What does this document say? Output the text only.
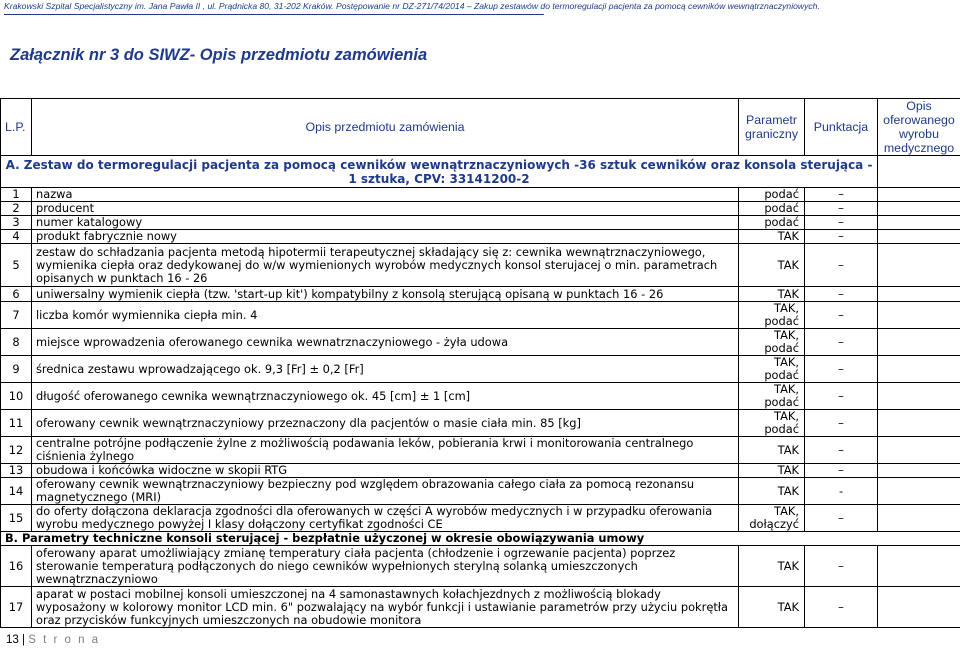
Krakowski Szpital Specjalistyczny im. Jana Pawła II , ul. Prądnicka 80, 31-202 Kraków. Postępowanie nr DZ-271/74/2014 – Zakup zestawów do termoregulacji pacjenta za pomocą cewników wewnątrznaczyniowych.
Załącznik nr 3 do SIWZ- Opis przedmiotu zamówienia
L.P.	Opis przedmiotu zamówienia	Parametr graniczny	Punktacja	Opis oferowanego wyrobu medycznego
A. Zestaw do termoregulacji pacjenta za pomocą cewników wewnątrznaczyniowych -36 sztuk cewników oraz konsola sterująca - 1 sztuka, CPV: 33141200-2				
1	nazwa	podać	–	
2	producent	podać	–	
3	numer katalogowy	podać	–	
4	produkt fabrycznie nowy	TAK	–	
5	zestaw do schładzania pacjenta metodą hipotermii terapeutycznej składający się z: cewnika wewnątrznaczyniowego, wymienika ciepła oraz dedykowanej do w/w wymienionych wyrobów medycznych konsol sterujacej o min. parametrach opisanych w punktach 16 - 26	TAK	–	
6	uniwersalny wymienik ciepła (tzw. 'start-up kit') kompatybilny z konsolą sterującą opisaną w punktach 16 - 26	TAK	–	
7	liczba komór wymiennika ciepła min. 4	TAK, podać	–	
8	miejsce wprowadzenia oferowanego cewnika wewnatrznaczyniowego - żyła udowa	TAK, podać	–	
9	średnica zestawu wprowadzającego ok. 9,3 [Fr] ± 0,2 [Fr]	TAK, podać	–	
10	długość oferowanego cewnika wewnątrznaczyniowego ok. 45 [cm] ± 1 [cm]	TAK, podać	–	
11	oferowany cewnik wewnątrznaczyniowy przeznaczony dla pacjentów o masie ciała min. 85 [kg]	TAK, podać	–	
12	centralne potrójne podłączenie żylne z możliwością podawania leków, pobierania krwi i monitorowania centralnego ciśnienia żylnego	TAK	–	
13	obudowa i końcówka widoczne w skopii RTG	TAK	–	
14	oferowany cewnik wewnątrznaczyniowy bezpieczny pod względem obrazowania całego ciała za pomocą rezonansu magnetycznego (MRI)	TAK	-	
15	do oferty dołączona deklaracja zgodności dla oferowanych w części A wyrobów medycznych i w przypadku oferowania wyrobu medycznego powyżej I klasy dołączony certyfikat zgodności CE	TAK, dołączyć	–	
B. Parametry techniczne konsoli sterującej - bezpłatnie użyczonej w okresie obowiązywania umowy				
16	oferowany aparat umożliwiający zmianę temperatury ciała pacjenta (chłodzenie i ogrzewanie pacjenta) poprzez sterowanie temperaturą podłączonych do niego cewników wypełnionych sterylną solanką umieszczonych wewnątrznaczyniowo	TAK	–	
17	aparat w postaci mobilnej konsoli umieszczonej na 4 samonastawnych kołachjezdnych z możliwością blokady wyposażony w kolorowy monitor LCD min. 6" pozwalający na wybór funkcji i ustawianie parametrów przy użyciu pokrętła oraz przycisków funkcyjnych umieszczonych na obudowie monitora	TAK	–	
13 | S t r o n a
